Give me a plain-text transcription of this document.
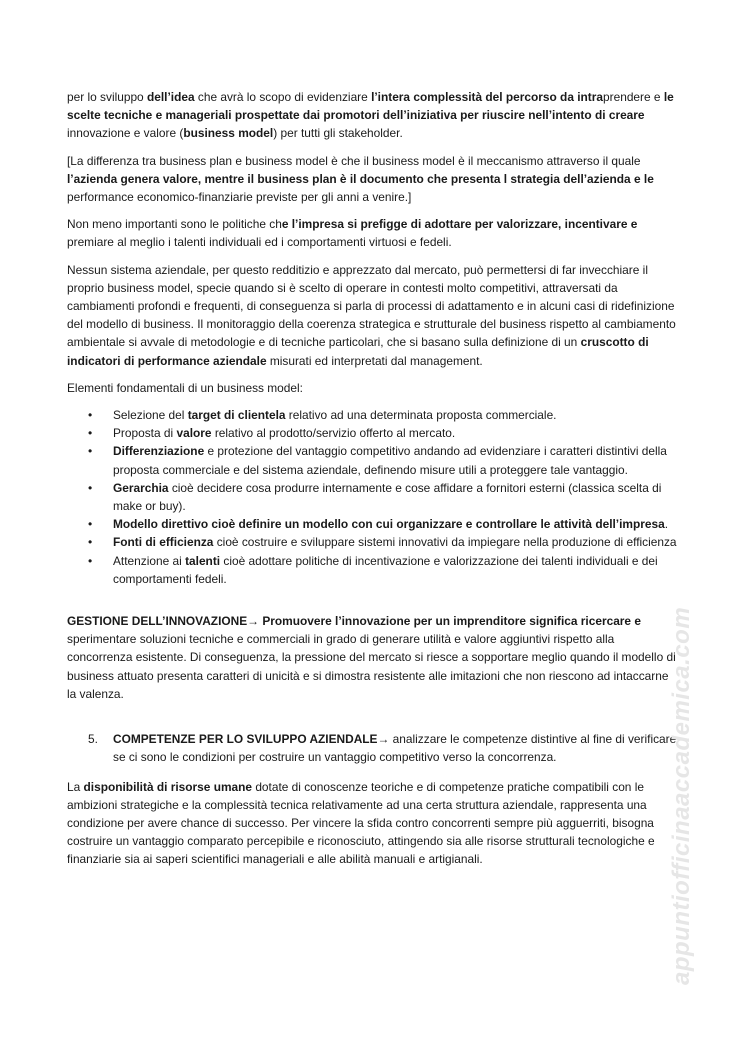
per lo sviluppo dell’idea che avrà lo scopo di evidenziare l’intera complessità del percorso da intraprendere e le scelte tecniche e manageriali prospettate dai promotori dell’iniziativa per riuscire nell’intento di creare innovazione e valore (business model) per tutti gli stakeholder.

[La differenza tra business plan e business model è che il business model è il meccanismo attraverso il quale l’azienda genera valore, mentre il business plan è il documento che presenta l strategia dell’azienda e le performance economico-finanziarie previste per gli anni a venire.]

Non meno importanti sono le politiche che l’impresa si prefigge di adottare per valorizzare, incentivare e premiare al meglio i talenti individuali ed i comportamenti virtuosi e fedeli.

Nessun sistema aziendale, per questo redditizio e apprezzato dal mercato, può permettersi di far invecchiare il proprio business model, specie quando si è scelto di operare in contesti molto competitivi, attraversati da cambiamenti profondi e frequenti, di conseguenza si parla di processi di adattamento e in alcuni casi di ridefinizione del modello di business. Il monitoraggio della coerenza strategica e strutturale del business rispetto al cambiamento ambientale si avvale di metodologie e di tecniche particolari, che si basano sulla definizione di un cruscotto di indicatori di performance aziendale misurati ed interpretati dal management.

Elementi fondamentali di un business model:

• Selezione del target di clientela relativo ad una determinata proposta commerciale.
• Proposta di valore relativo al prodotto/servizio offerto al mercato.
• Differenziazione e protezione del vantaggio competitivo andando ad evidenziare i caratteri distintivi della proposta commerciale e del sistema aziendale, definendo misure utili a proteggere tale vantaggio.
• Gerarchia cioè decidere cosa produrre internamente e cose affidare a fornitori esterni (classica scelta di make or buy).
• Modello direttivo cioè definire un modello con cui organizzare e controllare le attività dell’impresa.
• Fonti di efficienza cioè costruire e sviluppare sistemi innovativi da impiegare nella produzione di efficienza
• Attenzione ai talenti cioè adottare politiche di incentivazione e valorizzazione dei talenti individuali e dei comportamenti fedeli.

GESTIONE DELL’INNOVAZIONE→ Promuovere l’innovazione per un imprenditore significa ricercare e sperimentare soluzioni tecniche e commerciali in grado di generare utilità e valore aggiuntivi rispetto alla concorrenza esistente. Di conseguenza, la pressione del mercato si riesce a sopportare meglio quando il modello di business attuato presenta caratteri di unicità e si dimostra resistente alle imitazioni che non riescono ad intaccarne la valenza.

5. COMPETENZE PER LO SVILUPPO AZIENDALE→ analizzare le competenze distintive al fine di verificare se ci sono le condizioni per costruire un vantaggio competitivo verso la concorrenza.

La disponibilità di risorse umane dotate di conoscenze teoriche e di competenze pratiche compatibili con le ambizioni strategiche e la complessità tecnica relativamente ad una certa struttura aziendale, rappresenta una condizione per avere chance di successo. Per vincere la sfida contro concorrenti sempre più agguerriti, bisogna costruire un vantaggio comparato percepibile e riconosciuto, attingendo sia alle risorse strutturali tecnologiche e finanziarie sia ai saperi scientifici manageriali e alle abilità manuali e artigianali.	appuntiofficinaaccademica.com
